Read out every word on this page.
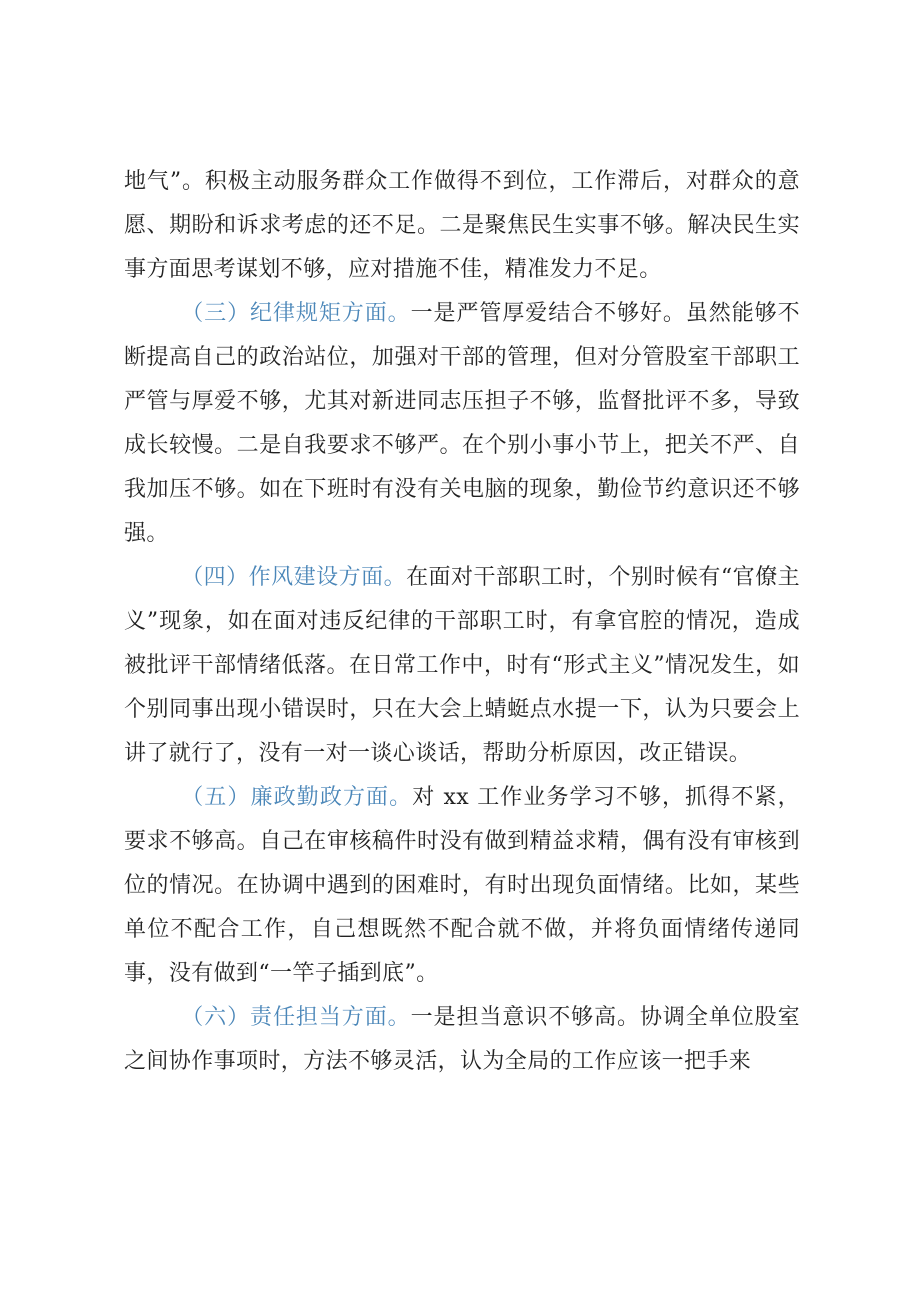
地气”。积极主动服务群众工作做得不到位，工作滞后，对群众的意愿、期盼和诉求考虑的还不足。二是聚焦民生实事不够。解决民生实事方面思考谋划不够，应对措施不佳，精准发力不足。

（三）纪律规矩方面。一是严管厚爱结合不够好。虽然能够不断提高自己的政治站位，加强对干部的管理，但对分管股室干部职工严管与厚爱不够，尤其对新进同志压担子不够，监督批评不多，导致成长较慢。二是自我要求不够严。在个别小事小节上，把关不严、自我加压不够。如在下班时有没有关电脑的现象，勤俭节约意识还不够强。

（四）作风建设方面。在面对干部职工时，个别时候有“官僚主义”现象，如在面对违反纪律的干部职工时，有拿官腔的情况，造成被批评干部情绪低落。在日常工作中，时有“形式主义”情况发生，如个别同事出现小错误时，只在大会上蜻蜓点水提一下，认为只要会上讲了就行了，没有一对一谈心谈话，帮助分析原因，改正错误。

（五）廉政勤政方面。对 xx 工作业务学习不够，抓得不紧，要求不够高。自己在审核稿件时没有做到精益求精，偶有没有审核到位的情况。在协调中遇到的困难时，有时出现负面情绪。比如，某些单位不配合工作，自己想既然不配合就不做，并将负面情绪传递同事，没有做到“一竿子插到底”。

（六）责任担当方面。一是担当意识不够高。协调全单位股室之间协作事项时，方法不够灵活，认为全局的工作应该一把手来
